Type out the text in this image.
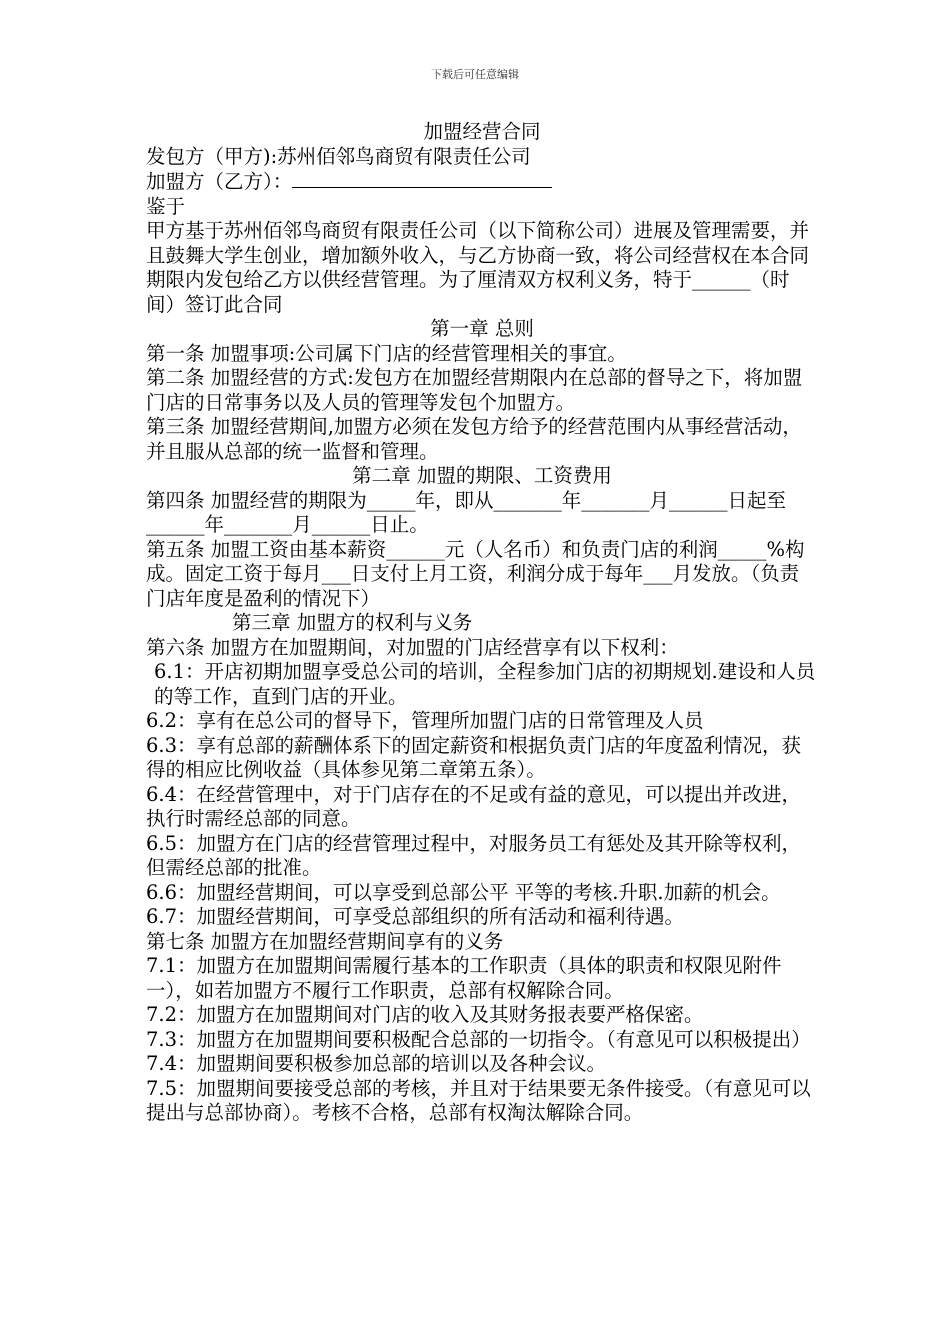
下载后可任意编辑

加盟经营合同

发包方（甲方):苏州佰邻鸟商贸有限责任公司

加盟方（乙方）：

鉴于

甲方基于苏州佰邻鸟商贸有限责任公司（以下简称公司）进展及管理需要，并且鼓舞大学生创业，增加额外收入，与乙方协商一致，将公司经营权在本合同期限内发包给乙方以供经营管理。为了厘清双方权利义务，特于______（时间）签订此合同

第一章 总则

第一条 加盟事项:公司属下门店的经营管理相关的事宜。

第二条 加盟经营的方式:发包方在加盟经营期限内在总部的督导之下，将加盟门店的日常事务以及人员的管理等发包个加盟方。

第三条 加盟经营期间,加盟方必须在发包方给予的经营范围内从事经营活动，并且服从总部的统一监督和管理。

第二章 加盟的期限、工资费用

第四条 加盟经营的期限为_____年，即从_______年_______月______日起至______年_______月______日止。

第五条 加盟工资由基本薪资______元（人名币）和负责门店的利润_____%构成。固定工资于每月___日支付上月工资，利润分成于每年___月发放。（负责门店年度是盈利的情况下）

第三章 加盟方的权利与义务

第六条 加盟方在加盟期间，对加盟的门店经营享有以下权利：

6.1：开店初期加盟享受总公司的培训，全程参加门店的初期规划.建设和人员的等工作，直到门店的开业。

6.2：享有在总公司的督导下，管理所加盟门店的日常管理及人员

6.3：享有总部的薪酬体系下的固定薪资和根据负责门店的年度盈利情况，获得的相应比例收益（具体参见第二章第五条）。

6.4：在经营管理中，对于门店存在的不足或有益的意见，可以提出并改进，执行时需经总部的同意。

6.5：加盟方在门店的经营管理过程中，对服务员工有惩处及其开除等权利，但需经总部的批准。

6.6：加盟经营期间，可以享受到总部公平 平等的考核.升职.加薪的机会。

6.7：加盟经营期间，可享受总部组织的所有活动和福利待遇。

第七条 加盟方在加盟经营期间享有的义务

7.1：加盟方在加盟期间需履行基本的工作职责（具体的职责和权限见附件一），如若加盟方不履行工作职责，总部有权解除合同。

7.2：加盟方在加盟期间对门店的收入及其财务报表要严格保密。

7.3：加盟方在加盟期间要积极配合总部的一切指令。（有意见可以积极提出）

7.4：加盟期间要积极参加总部的培训以及各种会议。

7.5：加盟期间要接受总部的考核，并且对于结果要无条件接受。（有意见可以提出与总部协商）。考核不合格，总部有权淘汰解除合同。
